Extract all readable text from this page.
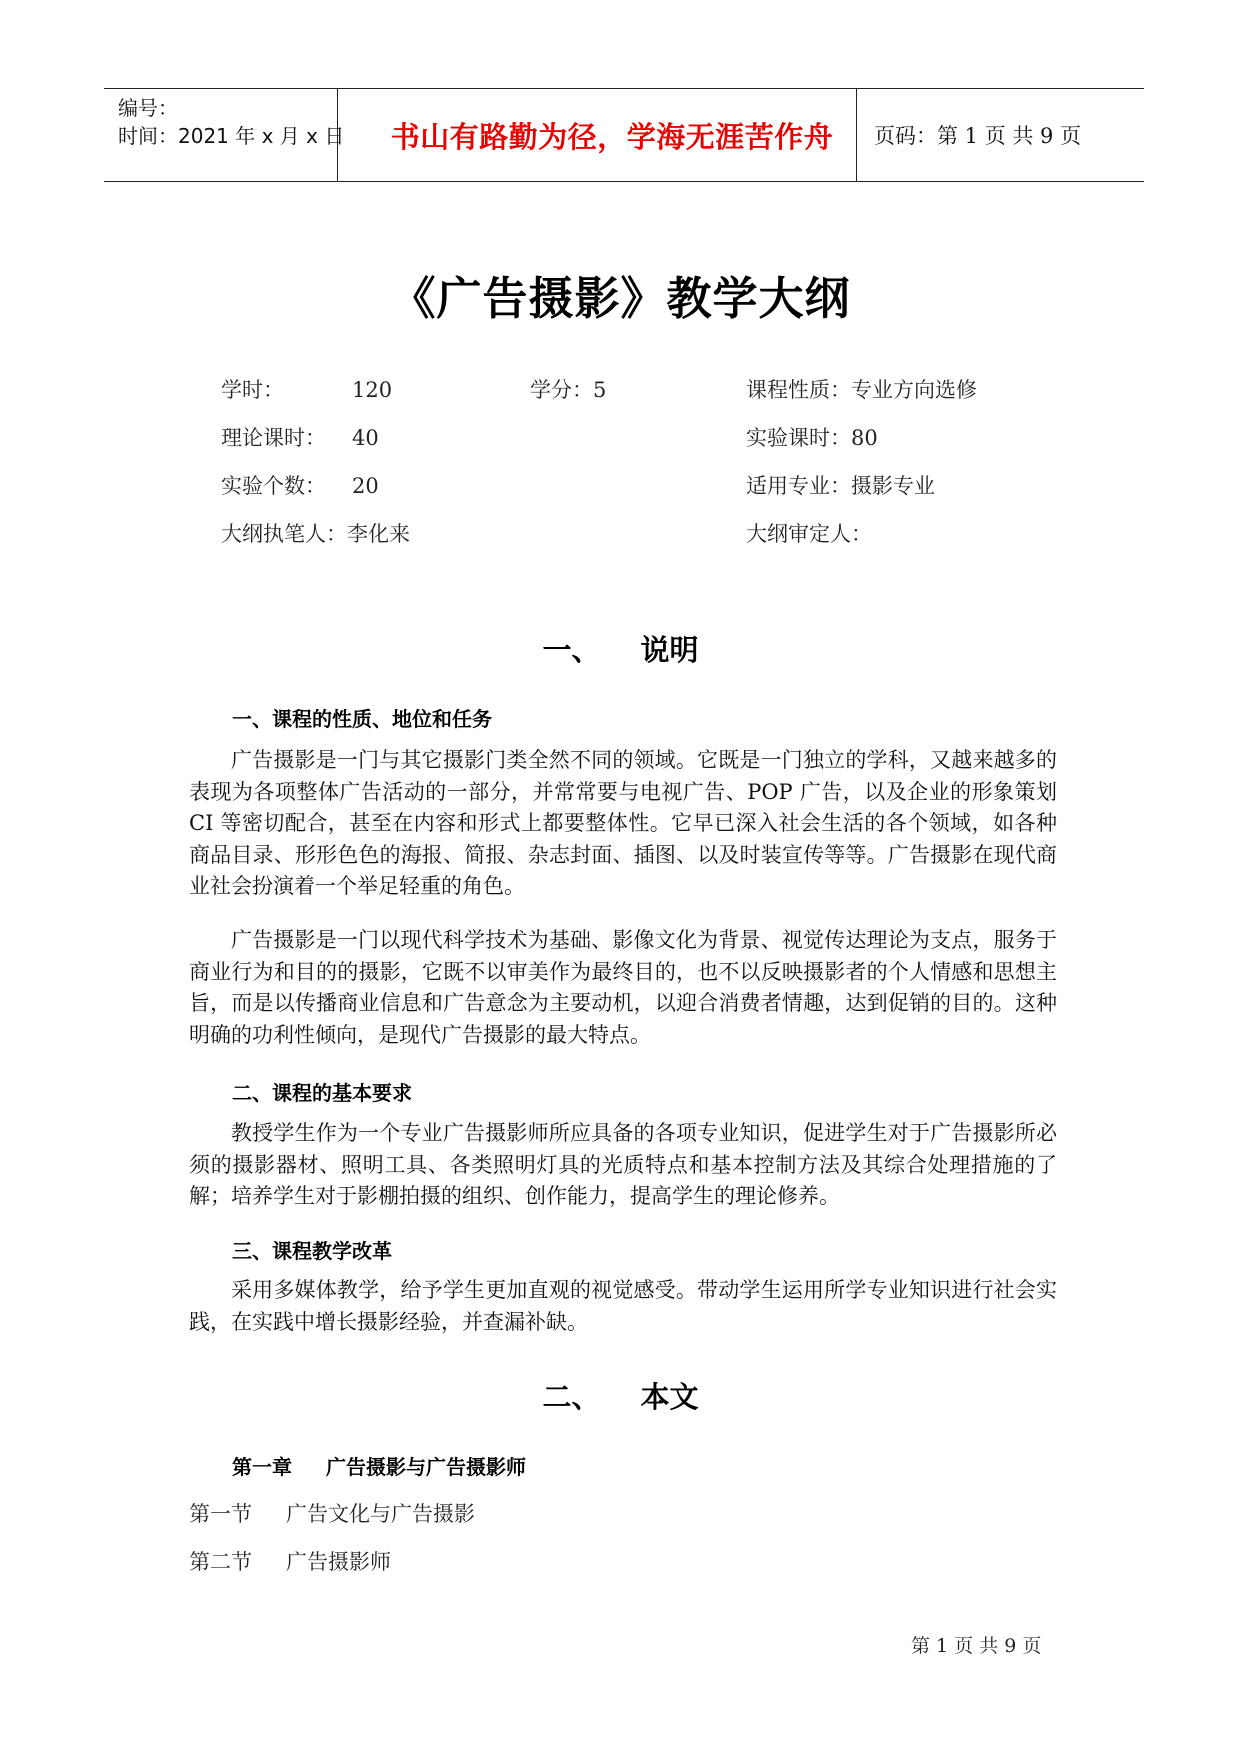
编号：
时间：2021 年 x 月 x 日	书山有路勤为径，学海无涯苦作舟	页码：第 1 页 共 9 页
《广告摄影》教学大纲
学时：	120	学分：5	课程性质：专业方向选修
理论课时： 40	实验课时：80
实验个数： 20	适用专业：摄影专业
大纲执笔人：李化来	大纲审定人：
一、 说明
一、课程的性质、地位和任务
广告摄影是一门与其它摄影门类全然不同的领域。它既是一门独立的学科，又越来越多的表现为各项整体广告活动的一部分，并常常要与电视广告、POP 广告，以及企业的形象策划 CI 等密切配合，甚至在内容和形式上都要整体性。它早已深入社会生活的各个领域，如各种商品目录、形形色色的海报、简报、杂志封面、插图、以及时装宣传等等。广告摄影在现代商业社会扮演着一个举足轻重的角色。
广告摄影是一门以现代科学技术为基础、影像文化为背景、视觉传达理论为支点，服务于商业行为和目的的摄影，它既不以审美作为最终目的，也不以反映摄影者的个人情感和思想主旨，而是以传播商业信息和广告意念为主要动机，以迎合消费者情趣，达到促销的目的。这种明确的功利性倾向，是现代广告摄影的最大特点。
二、课程的基本要求
教授学生作为一个专业广告摄影师所应具备的各项专业知识，促进学生对于广告摄影所必须的摄影器材、照明工具、各类照明灯具的光质特点和基本控制方法及其综合处理措施的了解；培养学生对于影棚拍摄的组织、创作能力，提高学生的理论修养。
三、课程教学改革
采用多媒体教学，给予学生更加直观的视觉感受。带动学生运用所学专业知识进行社会实践，在实践中增长摄影经验，并查漏补缺。
二、 本文
第一章 广告摄影与广告摄影师
第一节 广告文化与广告摄影
第二节 广告摄影师
第 1 页 共 9 页
